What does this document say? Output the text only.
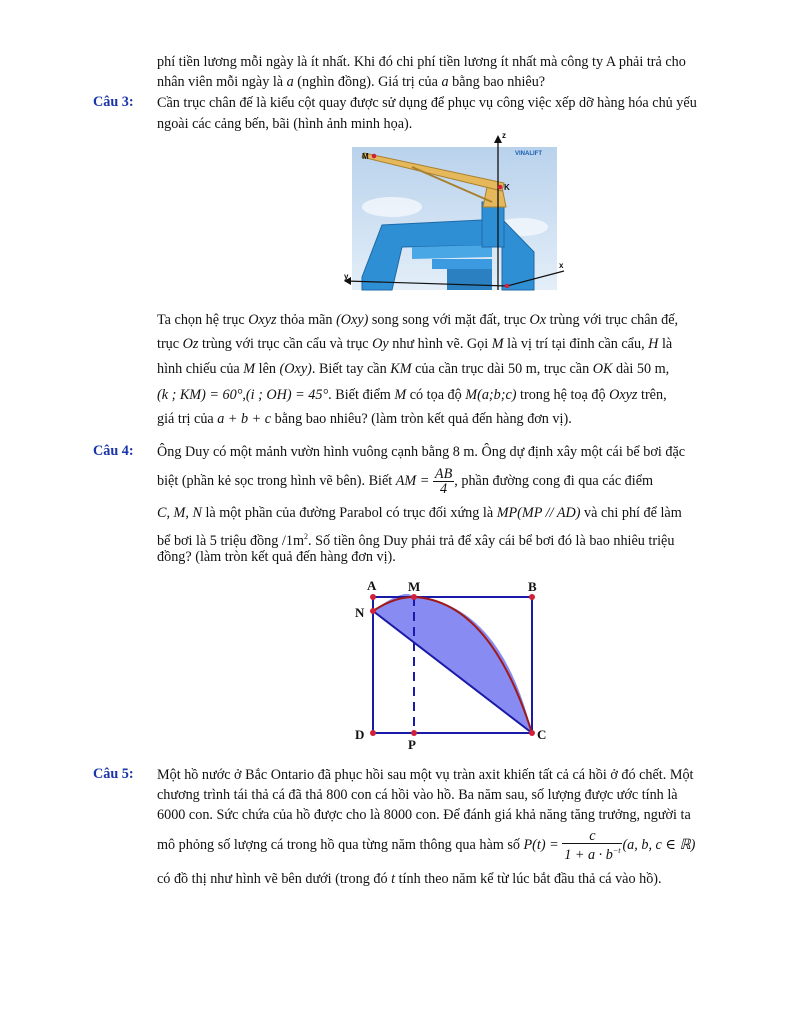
phí tiền lương mỗi ngày là ít nhất. Khi đó chi phí tiền lương ít nhất mà công ty A phải trả cho
nhân viên mỗi ngày là a (nghìn đồng). Giá trị của a bằng bao nhiêu?
Câu 3: Cần trục chân đế là kiểu cột quay được sử dụng để phục vụ công việc xếp dỡ hàng hóa chủ yếu
ngoài các cảng bến, bãi (hình ảnh minh họa).
M
K
z
x
y
VINALIFT
Ta chọn hệ trục Oxyz thỏa mãn (Oxy) song song với mặt đất, trục Ox trùng với trục chân đế,
trục Oz trùng với trục cần cẩu và trục Oy như hình vẽ. Gọi M là vị trí tại đỉnh cần cẩu, H là
hình chiếu của M lên (Oxy). Biết tay cần KM của cần trục dài 50 m, trục cần OK dài 50 m,
(k ; KM) = 60°,(i ; OH) = 45°. Biết điểm M có tọa độ M(a;b;c) trong hệ toạ độ Oxyz trên,
giá trị của a + b + c bằng bao nhiêu? (làm tròn kết quả đến hàng đơn vị).
Câu 4: Ông Duy có một mảnh vườn hình vuông cạnh bằng 8 m. Ông dự định xây một cái bể bơi đặc
biệt (phần kẻ sọc trong hình vẽ bên). Biết AM = $\frac{AB}{4}$ , phần đường cong đi qua các điểm
C, M, N là một phần của đường Parabol có trục đối xứng là MP(MP // AD) và chi phí để làm
bể bơi là 5 triệu đồng $/1m^2$. Số tiền ông Duy phải trả để xây cái bể bơi đó là bao nhiêu triệu
đồng? (làm tròn kết quả đến hàng đơn vị).
A M	B
N
D
P
C
Câu 5: Một hồ nước ở Bắc Ontario đã phục hồi sau một vụ tràn axit khiến tất cả cá hồi ở đó chết. Một
chương trình tái thả cá đã thả 800 con cá hồi vào hồ. Ba năm sau, số lượng được ước tính là
6000 con. Sức chứa của hồ được cho là 8000 con. Để đánh giá khả năng tăng trưởng, người ta
mô phỏng số lượng cá trong hồ qua từng năm thông qua hàm số $P(t) = \frac{c}{1 + a \cdot b^{-t}} (a$, b, c ∈ ℝ)
có đồ thị như hình vẽ bên dưới (trong đó t tính theo năm kể từ lúc bắt đầu thả cá vào hồ).
